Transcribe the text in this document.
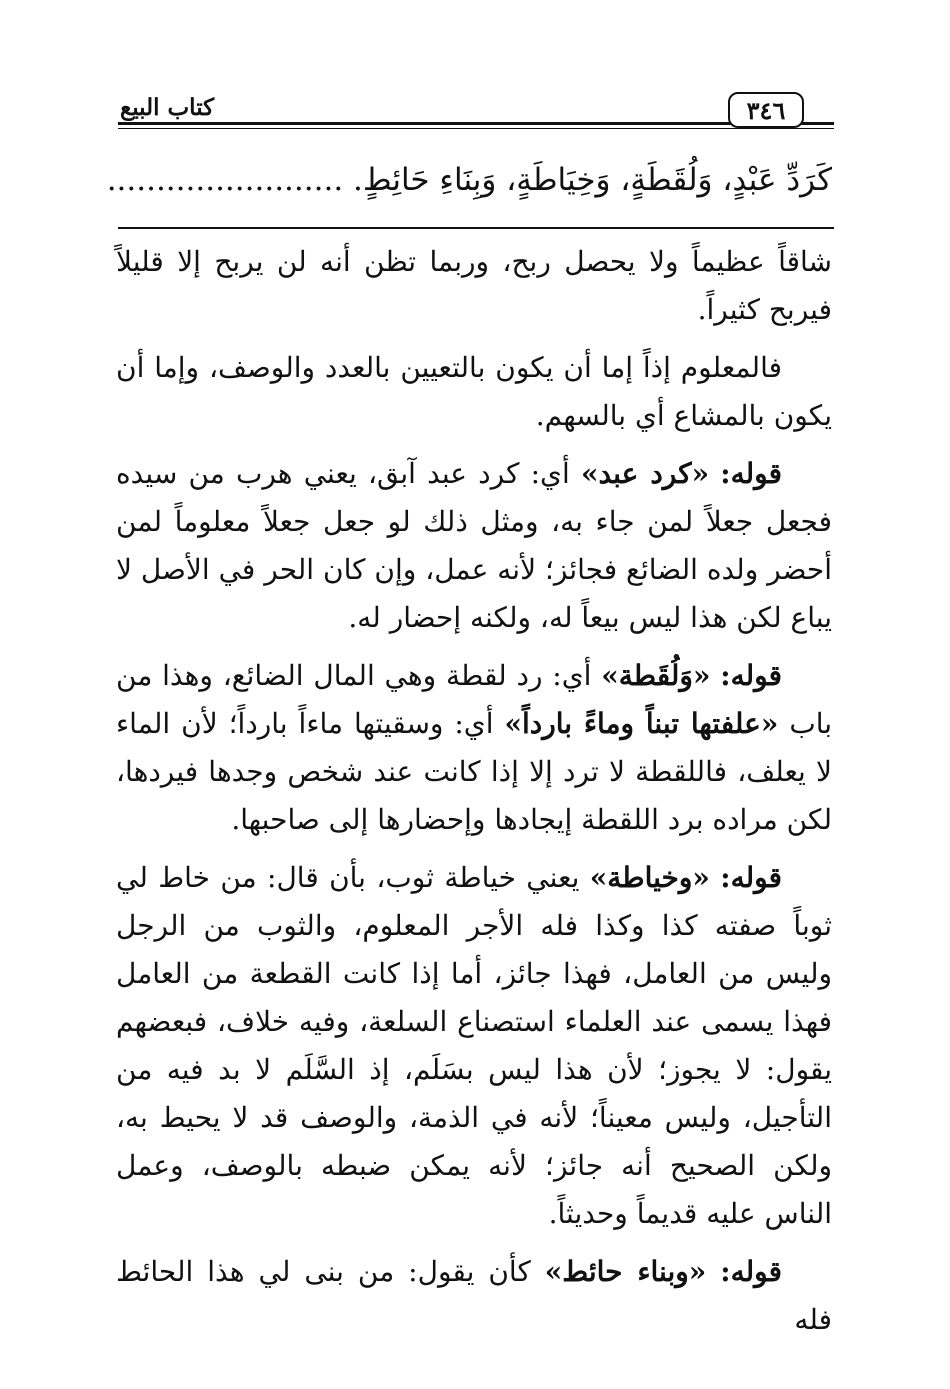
كتاب البيع	٣٤٦
كَرَدِّ عَبْدٍ، وَلُقَطَةٍ، وَخِيَاطَةٍ، وَبِنَاءِ حَائِطٍ. ........................

شاقاً عظيماً ولا يحصل ربح، وربما تظن أنه لن يربح إلا قليلاً فيربح كثيراً.

فالمعلوم إذاً إما أن يكون بالتعيين بالعدد والوصف، وإما أن يكون بالمشاع أي بالسهم.

قوله: «كرد عبد» أي: كرد عبد آبق، يعني هرب من سيده فجعل جعلاً لمن جاء به، ومثل ذلك لو جعل جعلاً معلوماً لمن أحضر ولده الضائع فجائز؛ لأنه عمل، وإن كان الحر في الأصل لا يباع لكن هذا ليس بيعاً له، ولكنه إحضار له.

قوله: «وَلُقَطة» أي: رد لقطة وهي المال الضائع، وهذا من باب «علفتها تبناً وماءً بارداً» أي: وسقيتها ماءاً بارداً؛ لأن الماء لا يعلف، فاللقطة لا ترد إلا إذا كانت عند شخص وجدها فيردها، لكن مراده برد اللقطة إيجادها وإحضارها إلى صاحبها.

قوله: «وخياطة» يعني خياطة ثوب، بأن قال: من خاط لي ثوباً صفته كذا وكذا فله الأجر المعلوم، والثوب من الرجل وليس من العامل، فهذا جائز، أما إذا كانت القطعة من العامل فهذا يسمى عند العلماء استصناع السلعة، وفيه خلاف، فبعضهم يقول: لا يجوز؛ لأن هذا ليس بسَلَم، إذ السَّلَم لا بد فيه من التأجيل، وليس معيناً؛ لأنه في الذمة، والوصف قد لا يحيط به، ولكن الصحيح أنه جائز؛ لأنه يمكن ضبطه بالوصف، وعمل الناس عليه قديماً وحديثاً.

قوله: «وبناء حائط» كأن يقول: من بنى لي هذا الحائط فله
